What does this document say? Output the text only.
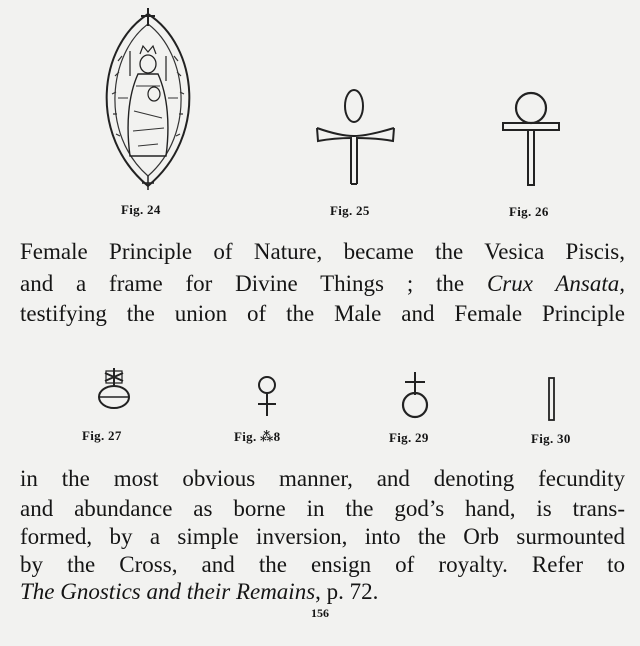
Fig. 24	Fig. 25	Fig. 26
Female Principle of Nature, became the Vesica Piscis,
and a frame for Divine Things ; the Crux Ansata,
testifying the union of the Male and Female Principle
Fig. 27	Fig. ⁂8	Fig. 29	Fig. 30
in the most obvious manner, and denoting fecundity
and abundance as borne in the god’s hand, is trans-
formed, by a simple inversion, into the Orb surmounted
by the Cross, and the ensign of royalty. Refer to
The Gnostics and their Remains, p. 72.
156
